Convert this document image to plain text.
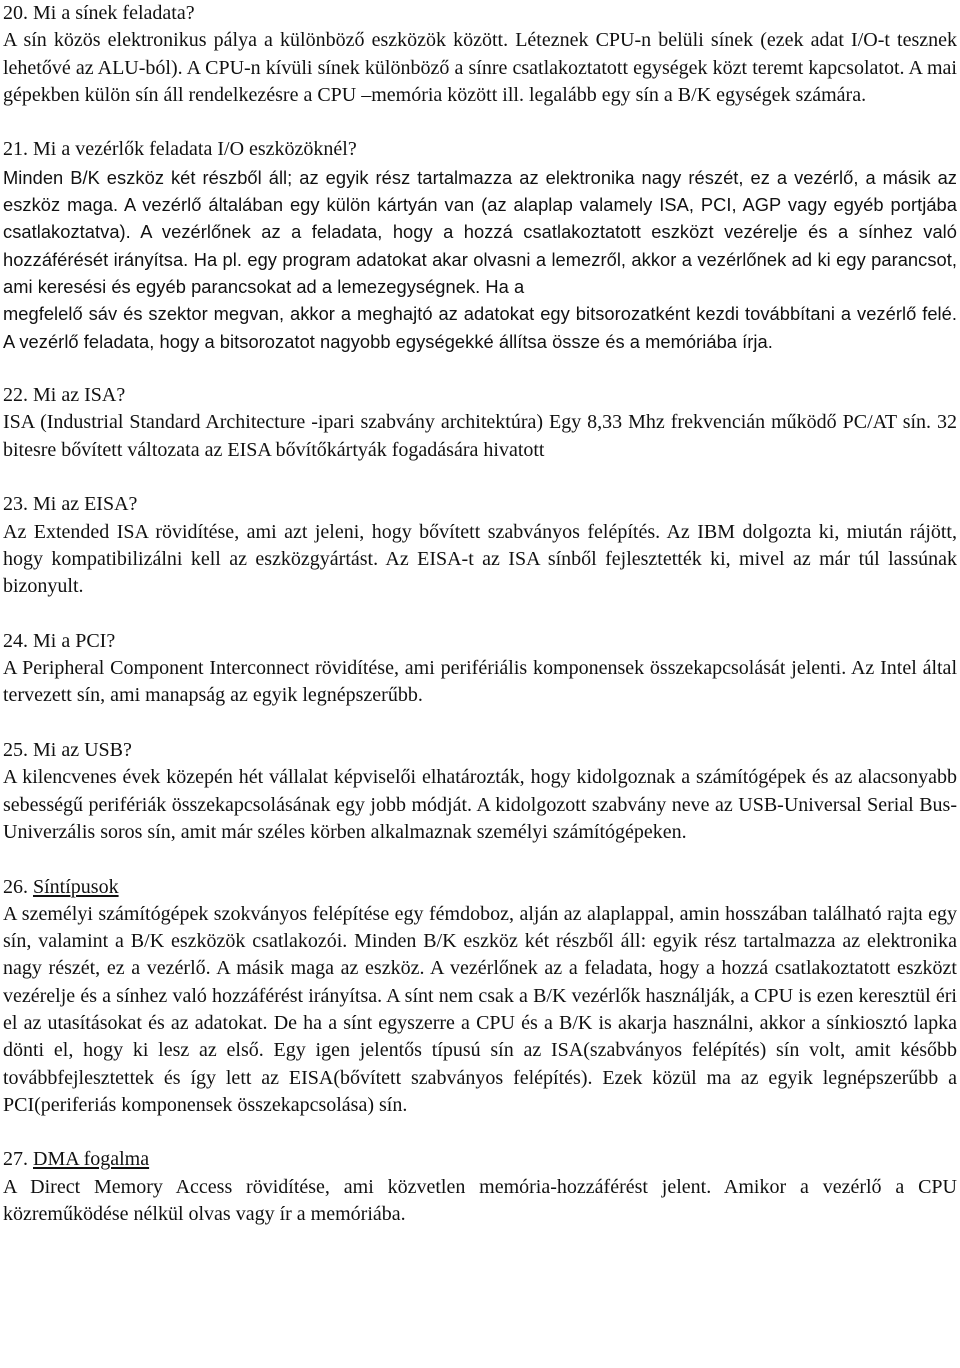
20. Mi a sínek feladata?

A sín közös elektronikus pálya a különböző eszközök között. Léteznek CPU-n belüli sínek (ezek adat I/O-t tesznek lehetővé az ALU-ból). A CPU-n kívüli sínek különböző a sínre csatlakoztatott egységek közt teremt kapcsolatot. A mai gépekben külön sín áll rendelkezésre a CPU –memória között ill. legalább egy sín a B/K egységek számára.

21. Mi a vezérlők feladata I/O eszközöknél?

Minden B/K eszköz két részből áll; az egyik rész tartalmazza az elektronika nagy részét, ez a vezérlő, a másik az eszköz maga. A vezérlő általában egy külön kártyán van (az alaplap valamely ISA, PCI, AGP vagy egyéb portjába csatlakoztatva). A vezérlőnek az a feladata, hogy a hozzá csatlakoztatott eszközt vezérelje és a sínhez való hozzáférését irányítsa. Ha pl. egy program adatokat akar olvasni a lemezről, akkor a vezérlőnek ad ki egy parancsot, ami keresési és egyéb parancsokat ad a lemezegységnek. Ha a

megfelelő sáv és szektor megvan, akkor a meghajtó az adatokat egy bitsorozatként kezdi továbbítani a vezérlő felé. A vezérlő feladata, hogy a bitsorozatot nagyobb egységekké állítsa össze és a memóriába írja.

22. Mi az ISA?

ISA (Industrial Standard Architecture -ipari szabvány architektúra) Egy 8,33 Mhz frekvencián működő PC/AT sín. 32 bitesre bővített változata az EISA bővítőkártyák fogadására hivatott

23. Mi az EISA?

Az Extended ISA rövidítése, ami azt jeleni, hogy bővített szabványos felépítés. Az IBM dolgozta ki, miután rájött, hogy kompatibilizálni kell az eszközgyártást. Az EISA-t az ISA sínből fejlesztették ki, mivel az már túl lassúnak bizonyult.

24. Mi a PCI?

A Peripheral Component Interconnect rövidítése, ami perifériális komponensek összekapcsolását jelenti. Az Intel által tervezett sín, ami manapság az egyik legnépszerűbb.

25. Mi az USB?

A kilencvenes évek közepén hét vállalat képviselői elhatározták, hogy kidolgoznak a számítógépek és az alacsonyabb sebességű perifériák összekapcsolásának egy jobb módját. A kidolgozott szabvány neve az USB-Universal Serial Bus-Univerzális soros sín, amit már széles körben alkalmaznak személyi számítógépeken.

26. Síntípusok

A személyi számítógépek szokványos felépítése egy fémdoboz, alján az alaplappal, amin hosszában található rajta egy sín, valamint a B/K eszközök csatlakozói. Minden B/K eszköz két részből áll: egyik rész tartalmazza az elektronika nagy részét, ez a vezérlő. A másik maga az eszköz. A vezérlőnek az a feladata, hogy a hozzá csatlakoztatott eszközt vezérelje és a sínhez való hozzáférést irányítsa. A sínt nem csak a B/K vezérlők használják, a CPU is ezen keresztül éri el az utasításokat és az adatokat. De ha a sínt egyszerre a CPU és a B/K is akarja használni, akkor a sínkiosztó lapka dönti el, hogy ki lesz az első. Egy igen jelentős típusú sín az ISA(szabványos felépítés) sín volt, amit később továbbfejlesztettek és így lett az EISA(bővített szabványos felépítés). Ezek közül ma az egyik legnépszerűbb a PCI(periferiás komponensek összekapcsolása) sín.

27. DMA fogalma

A Direct Memory Access rövidítése, ami közvetlen memória-hozzáférést jelent. Amikor a vezérlő a CPU közreműködése nélkül olvas vagy ír a memóriába.
